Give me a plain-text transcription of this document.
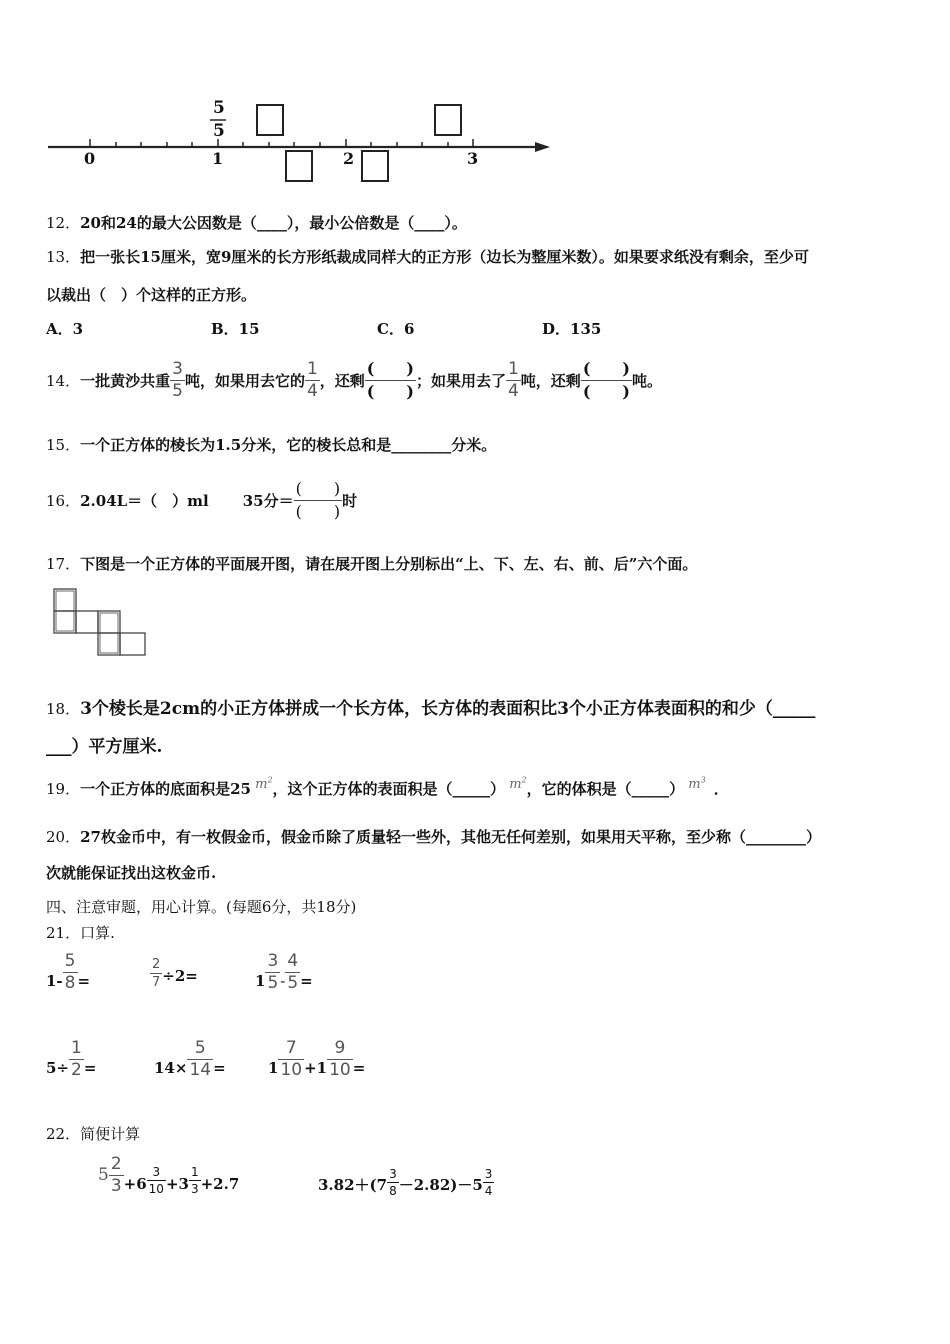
5
5
0	1	2	3
12．20和24的最大公因数是（____），最小公倍数是（____）。
13．把一张长15厘米，宽9厘米的长方形纸裁成同样大的正方形（边长为整厘米数）。如果要求纸没有剩余，至少可
以裁出（　）个这样的正方形。
A．3	B．15	C．6	D．135
14． 一批黄沙共重 $\frac{3}{5}$ 吨，如果用去它的 $\frac{1}{4}$ ，还剩
(　　)
(　　)
；如果用去了 $\frac{1}{4}$ 吨，还剩
(　　)
(　　)
吨。
15．一个正方体的棱长为1.5分米，它的棱长总和是________分米。
16． 2.04L＝（　）ml 35分＝
(　　)
(　　)
时
17．下图是一个正方体的平面展开图，请在展开图上分别标出“上、下、左、右、前、后”六个面。
18．3个棱长是2cm的小正方体拼成一个长方体，长方体的表面积比3个小正方体表面积的和少（_____
___）平方厘米.
19．一个正方体的底面积是25 $m^2$，这个正方体的表面积是（_____） $m^2$，它的体积是（_____） $m^3$ ．
20．27枚金币中，有一枚假金币，假金币除了质量轻一些外，其他无任何差别，如果用天平称，至少称（________）
次就能保证找出这枚金币.
四、注意审题，用心计算。(每题6分，共18分)
21．口算.
$1- \frac{5}{8}$ =	$\frac{2}{7} \div 2=$	$1 \frac{3}{5} - \frac{4}{5}$ =
$5\div \frac{1}{2}$ =	$14\times \frac{5}{14}$ =	$1 \frac{7}{10} +1 \frac{9}{10}$ =
22．简便计算
$5 \frac{2}{3} +6 \frac{3}{10} +3 \frac{1}{3} +2.7$	$3.82+(7 \frac{3}{8} -2.82)-5 \frac{3}{4}$
